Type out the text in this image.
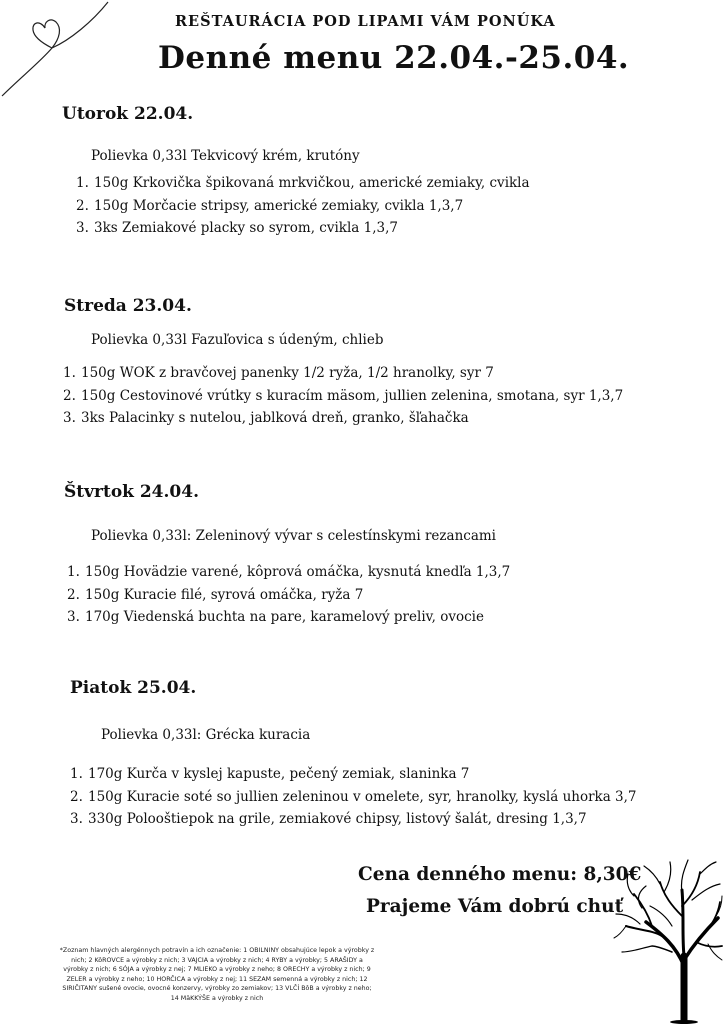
REŠTAURÁCIA POD LIPAMI VÁM PONÚKA
Denné menu 22.04.-25.04.
Utorok 22.04.
Polievka 0,33l Tekvicový krém, krutóny
1. 150g Krkovička špikovaná mrkvičkou, americké zemiaky, cvikla
2. 150g Morčacie stripsy, americké zemiaky, cvikla 1,3,7
3. 3ks Zemiakové placky so syrom, cvikla 1,3,7
Streda 23.04.
Polievka 0,33l Fazuľovica s údeným, chlieb
1. 150g WOK z bravčovej panenky 1/2 ryža, 1/2 hranolky, syr 7
2. 150g Cestovinové vrútky s kuracím mäsom, jullien zelenina, smotana, syr 1,3,7
3. 3ks Palacinky s nutelou, jablková dreň, granko, šľahačka
Štvrtok 24.04.
Polievka 0,33l: Zeleninový vývar s celestínskymi rezancami
1. 150g Hovädzie varené, kôprová omáčka, kysnutá knedľa 1,3,7
2. 150g Kuracie filé, syrová omáčka, ryža 7
3. 170g Viedenská buchta na pare, karamelový preliv, ovocie
Piatok 25.04.
Polievka 0,33l: Grécka kuracia
1. 170g Kurča v kyslej kapuste, pečený zemiak, slaninka 7
2. 150g Kuracie soté so jullien zeleninou v omelete, syr, hranolky, kyslá uhorka 3,7
3. 330g Polooštiepok na grile, zemiakové chipsy, listový šalát, dresing 1,3,7
Cena denného menu: 8,30€
Prajeme Vám dobrú chuť
*Zoznam hlavných alergénnych potravín a ich označenie: 1 OBILNINY obsahujúce lepok a výrobky z nich; 2 KôROVCE a výrobky z nich; 3 VAJCIA a výrobky z nich; 4 RYBY a výrobky; 5 ARAŠIDY a výrobky z nich; 6 SÓJA a výrobky z nej; 7 MLIEKO a výrobky z neho; 8 ORECHY a výrobky z nich; 9 ZELER a výrobky z neho; 10 HORČICA a výrobky z nej; 11 SEZAM semenná a výrobky z nich; 12 SIRIČITANY sušené ovocie, ovocné konzervy, výrobky zo zemiakov; 13 VLČÍ BôB a výrobky z neho; 14 MäKKÝŠE a výrobky z nich
